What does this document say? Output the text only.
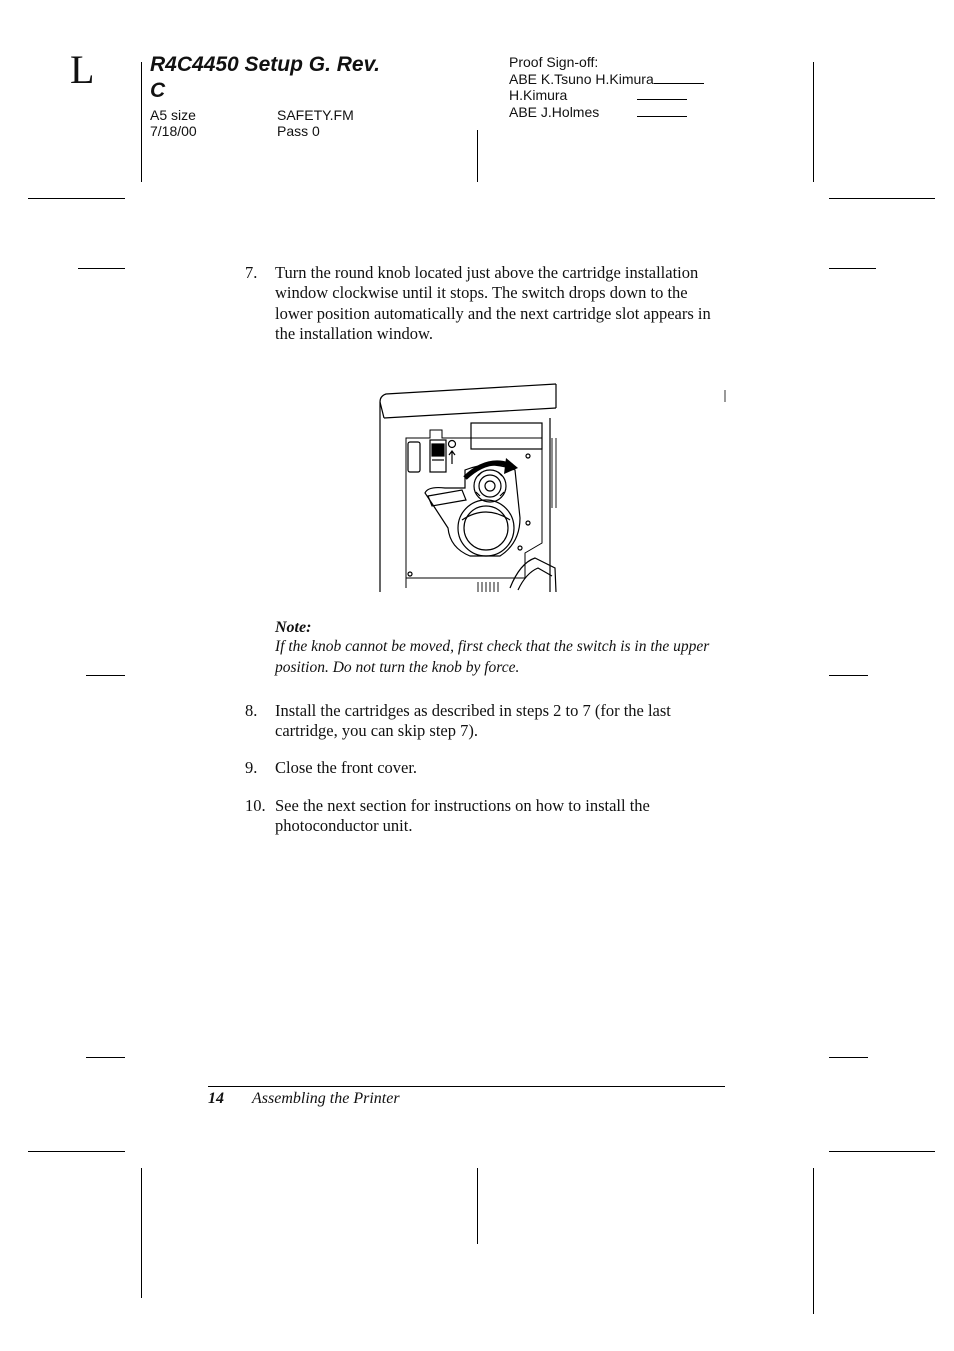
L	R4C4450 Setup G. Rev. C
A5 size
7/18/00
SAFETY.FM
Pass 0
Proof Sign-off:
ABE K.Tsuno H.Kimura
H.Kimura
ABE J.Holmes
7. Turn the round knob located just above the cartridge installation window clockwise until it stops. The switch drops down to the lower position automatically and the next cartridge slot appears in the installation window.
Note:
If the knob cannot be moved, first check that the switch is in the upper position. Do not turn the knob by force.
8. Install the cartridges as described in steps 2 to 7 (for the last cartridge, you can skip step 7).
9. Close the front cover.
10. See the next section for instructions on how to install the photoconductor unit.
14 Assembling the Printer
